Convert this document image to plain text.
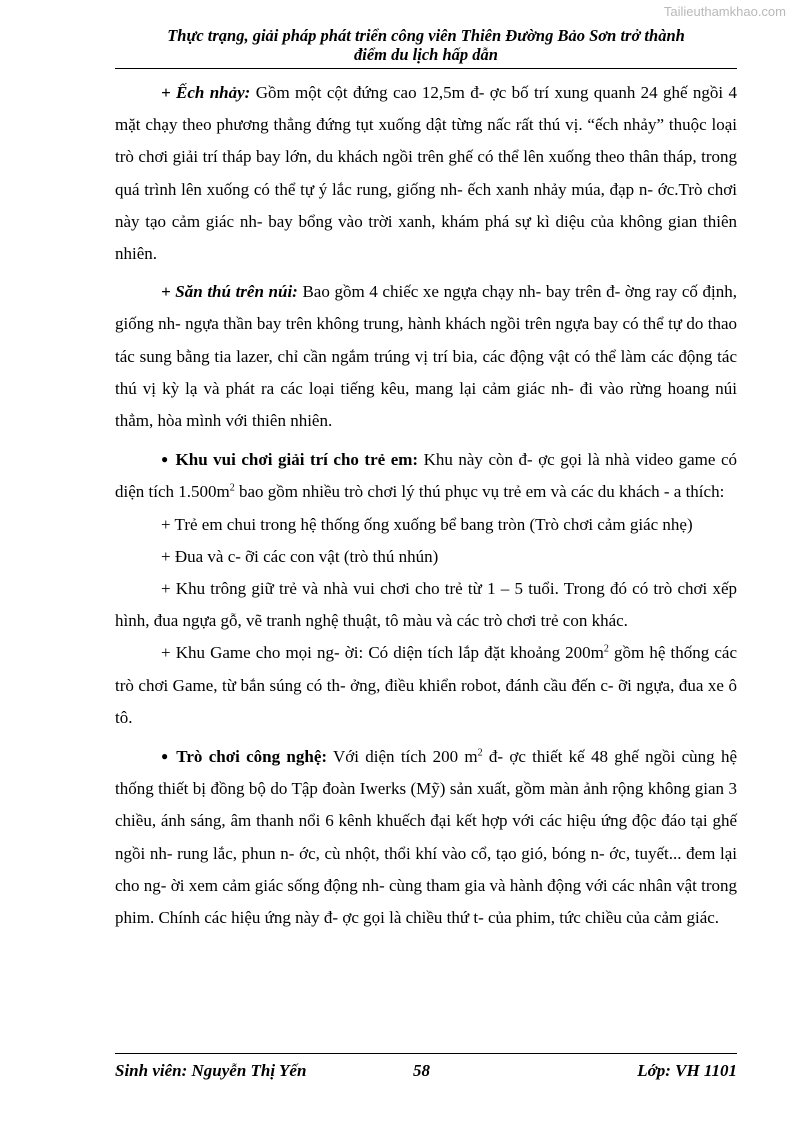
Tailieuthamkhao.com
Thực trạng, giải pháp phát triển công viên Thiên Đường Bảo Sơn trở thành
điểm du lịch hấp dẫn

+ Ếch nhảy: Gồm một cột đứng cao 12,5m đ- ợc bố trí xung quanh 24 ghế ngồi 4 mặt chạy theo phương thẳng đứng tụt xuống dật từng nấc rất thú vị. “ếch nhảy” thuộc loại trò chơi giải trí tháp bay lớn, du khách ngồi trên ghế có thể lên xuống theo thân tháp, trong quá trình lên xuống có thể tự ý lắc rung, giống nh- ếch xanh nhảy múa, đạp n- ớc.Trò chơi này tạo cảm giác nh- bay bổng vào trời xanh, khám phá sự kì diệu của không gian thiên nhiên.

+ Săn thú trên núi: Bao gồm 4 chiếc xe ngựa chạy nh- bay trên đ- ờng ray cố định, giống nh- ngựa thần bay trên không trung, hành khách ngồi trên ngựa bay có thể tự do thao tác sung bằng tia lazer, chỉ cần ngắm trúng vị trí bia, các động vật có thể làm các động tác thú vị kỳ lạ và phát ra các loại tiếng kêu, mang lại cảm giác nh- đi vào rừng hoang núi thẳm, hòa mình với thiên nhiên.

● Khu vui chơi giải trí cho trẻ em: Khu này còn đ- ợc gọi là nhà video game có diện tích $1.500m^2$ bao gồm nhiều trò chơi lý thú phục vụ trẻ em và các du khách - a thích:

+ Trẻ em chui trong hệ thống ống xuống bể bang tròn (Trò chơi cảm giác nhẹ)

+ Đua và c- ỡi các con vật (trò thú nhún)

+ Khu trông giữ trẻ và nhà vui chơi cho trẻ từ 1 – 5 tuổi. Trong đó có trò chơi xếp hình, đua ngựa gỗ, vẽ tranh nghệ thuật, tô màu và các trò chơi trẻ con khác.

+ Khu Game cho mọi ng- ời: Có diện tích lắp đặt khoảng $200m^2$ gồm hệ thống các trò chơi Game, từ bắn súng có th- ởng, điều khiển robot, đánh cầu đến c- ỡi ngựa, đua xe ô tô.

● Trò chơi công nghệ: Với diện tích 200 $m^2$ đ- ợc thiết kế 48 ghế ngồi cùng hệ thống thiết bị đồng bộ do Tập đoàn Iwerks (Mỹ) sản xuất, gồm màn ảnh rộng không gian 3 chiều, ánh sáng, âm thanh nổi 6 kênh khuếch đại kết hợp với các hiệu ứng độc đáo tại ghế ngồi nh- rung lắc, phun n- ớc, cù nhột, thổi khí vào cổ, tạo gió, bóng n- ớc, tuyết... đem lại cho ng- ời xem cảm giác sống động nh- cùng tham gia và hành động với các nhân vật trong phim. Chính các hiệu ứng này đ- ợc gọi là chiều thứ t- của phim, tức chiều của cảm giác.

Sinh viên: Nguyễn Thị Yến	58	Lớp: VH 1101
